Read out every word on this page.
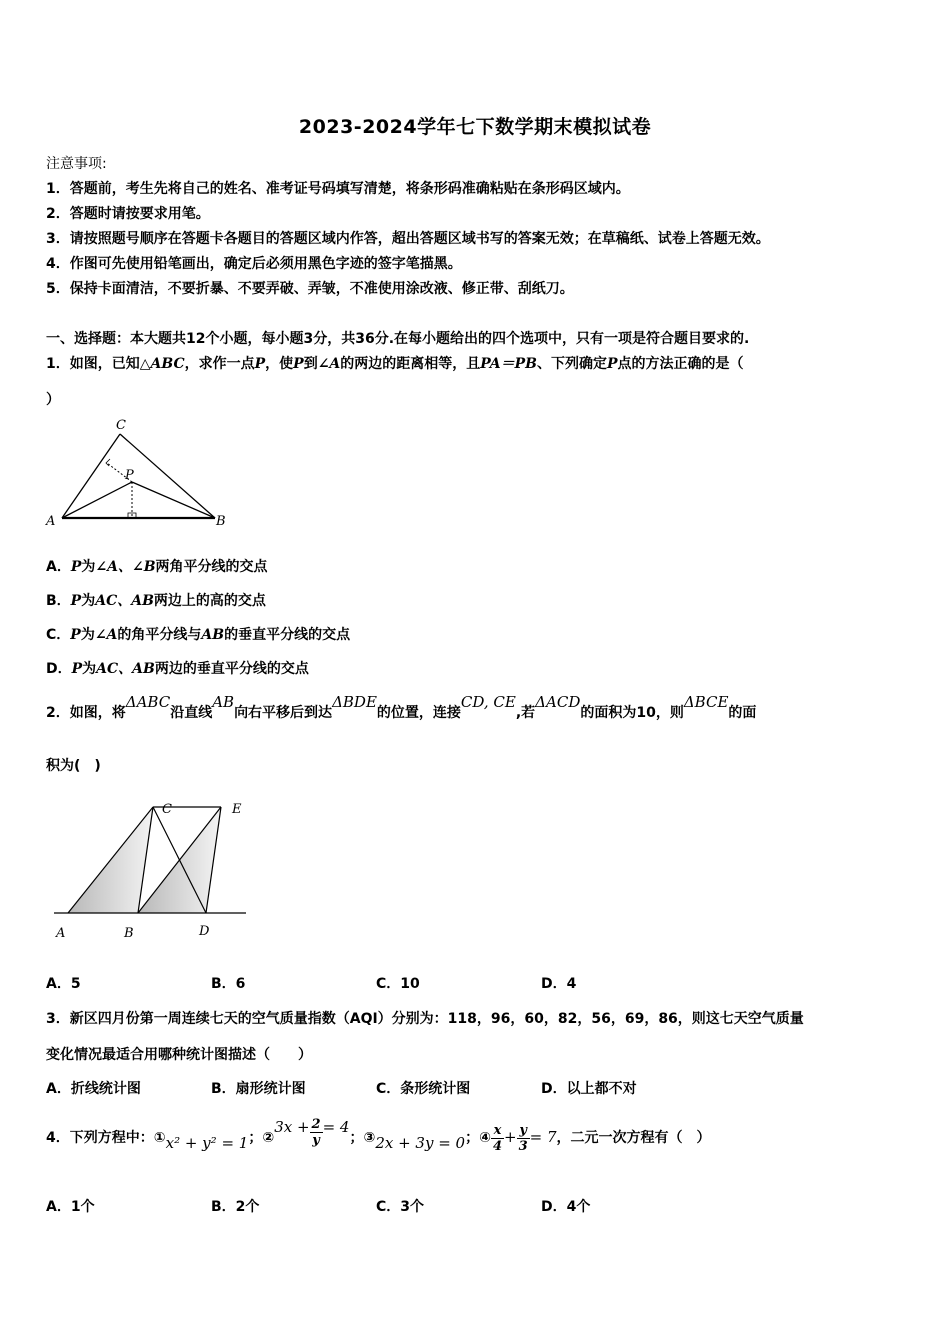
2023-2024学年七下数学期末模拟试卷
注意事项:
1．答题前，考生先将自己的姓名、准考证号码填写清楚，将条形码准确粘贴在条形码区域内。
2．答题时请按要求用笔。
3．请按照题号顺序在答题卡各题目的答题区域内作答，超出答题区域书写的答案无效；在草稿纸、试卷上答题无效。
4．作图可先使用铅笔画出，确定后必须用黑色字迹的签字笔描黑。
5．保持卡面清洁，不要折暴、不要弄破、弄皱，不准使用涂改液、修正带、刮纸刀。
一、选择题：本大题共12个小题，每小题3分，共36分.在每小题给出的四个选项中，只有一项是符合题目要求的.
1．如图，已知△ABC，求作一点P，使P到∠A的两边的距离相等，且PA＝PB、下列确定P点的方法正确的是（
）
C
P
A	B
A．P为∠A、∠B两角平分线的交点
B．P为AC、AB两边上的高的交点
C．P为∠A的角平分线与AB的垂直平分线的交点
D．P为AC、AB两边的垂直平分线的交点
2．如图，将ΔABC沿直线AB向右平移后到达ΔBDE的位置，连接CD, CE,若ΔACD的面积为10，则ΔBCE的面
积为(　)
C	E
A	B	D
A．5	B．6	C．10	D．4
3．新区四月份第一周连续七天的空气质量指数（AQI）分别为：118，96，60，82，56，69，86，则这七天空气质量
变化情况最适合用哪种统计图描述（　　）
A．折线统计图	B．扇形统计图	C．条形统计图	D．以上都不对
4．下列方程中：①x² + y² = 1；②3x + $\frac{2}{y} = 4$；③2x + 3y = 0；④ $\frac{x}{4} + \frac{y}{3} = 7$，二元一次方程有（　）
A．1个	B．2个	C．3个	D．4个
